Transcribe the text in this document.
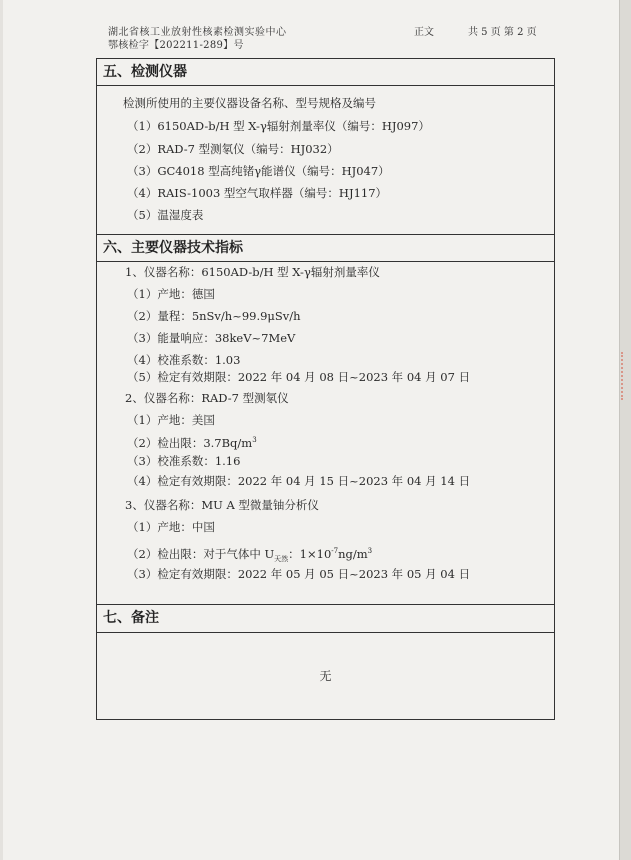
湖北省核工业放射性核素检测实验中心
鄂核检字【202211-289】号
正文	共 5 页 第 2 页
五、检测仪器
检测所使用的主要仪器设备名称、型号规格及编号
（1）6150AD-b/H 型 X-γ辐射剂量率仪（编号：HJ097）
（2）RAD-7 型测氡仪（编号：HJ032）
（3）GC4018 型高纯锗γ能谱仪（编号：HJ047）
（4）RAIS-1003 型空气取样器（编号：HJ117）
（5）温湿度表
六、主要仪器技术指标
1、仪器名称：6150AD-b/H 型 X-γ辐射剂量率仪
（1）产地：德国
（2）量程：5nSv/h~99.9μSv/h
（3）能量响应：38keV~7MeV
（4）校准系数：1.03
（5）检定有效期限：2022 年 04 月 08 日~2023 年 04 月 07 日
2、仪器名称：RAD-7 型测氡仪
（1）产地：美国
（2）检出限：$3.7Bq/m^3$
（3）校准系数：1.16
（4）检定有效期限：2022 年 04 月 15 日~2023 年 04 月 14 日
3、仪器名称：MU A 型微量铀分析仪
（1）产地：中国
（2）检出限：对于气体中 $U_{天然}$：$1\times 10^{-7}ng/m^3$
（3）检定有效期限：2022 年 05 月 05 日~2023 年 05 月 04 日
七、备注
无
